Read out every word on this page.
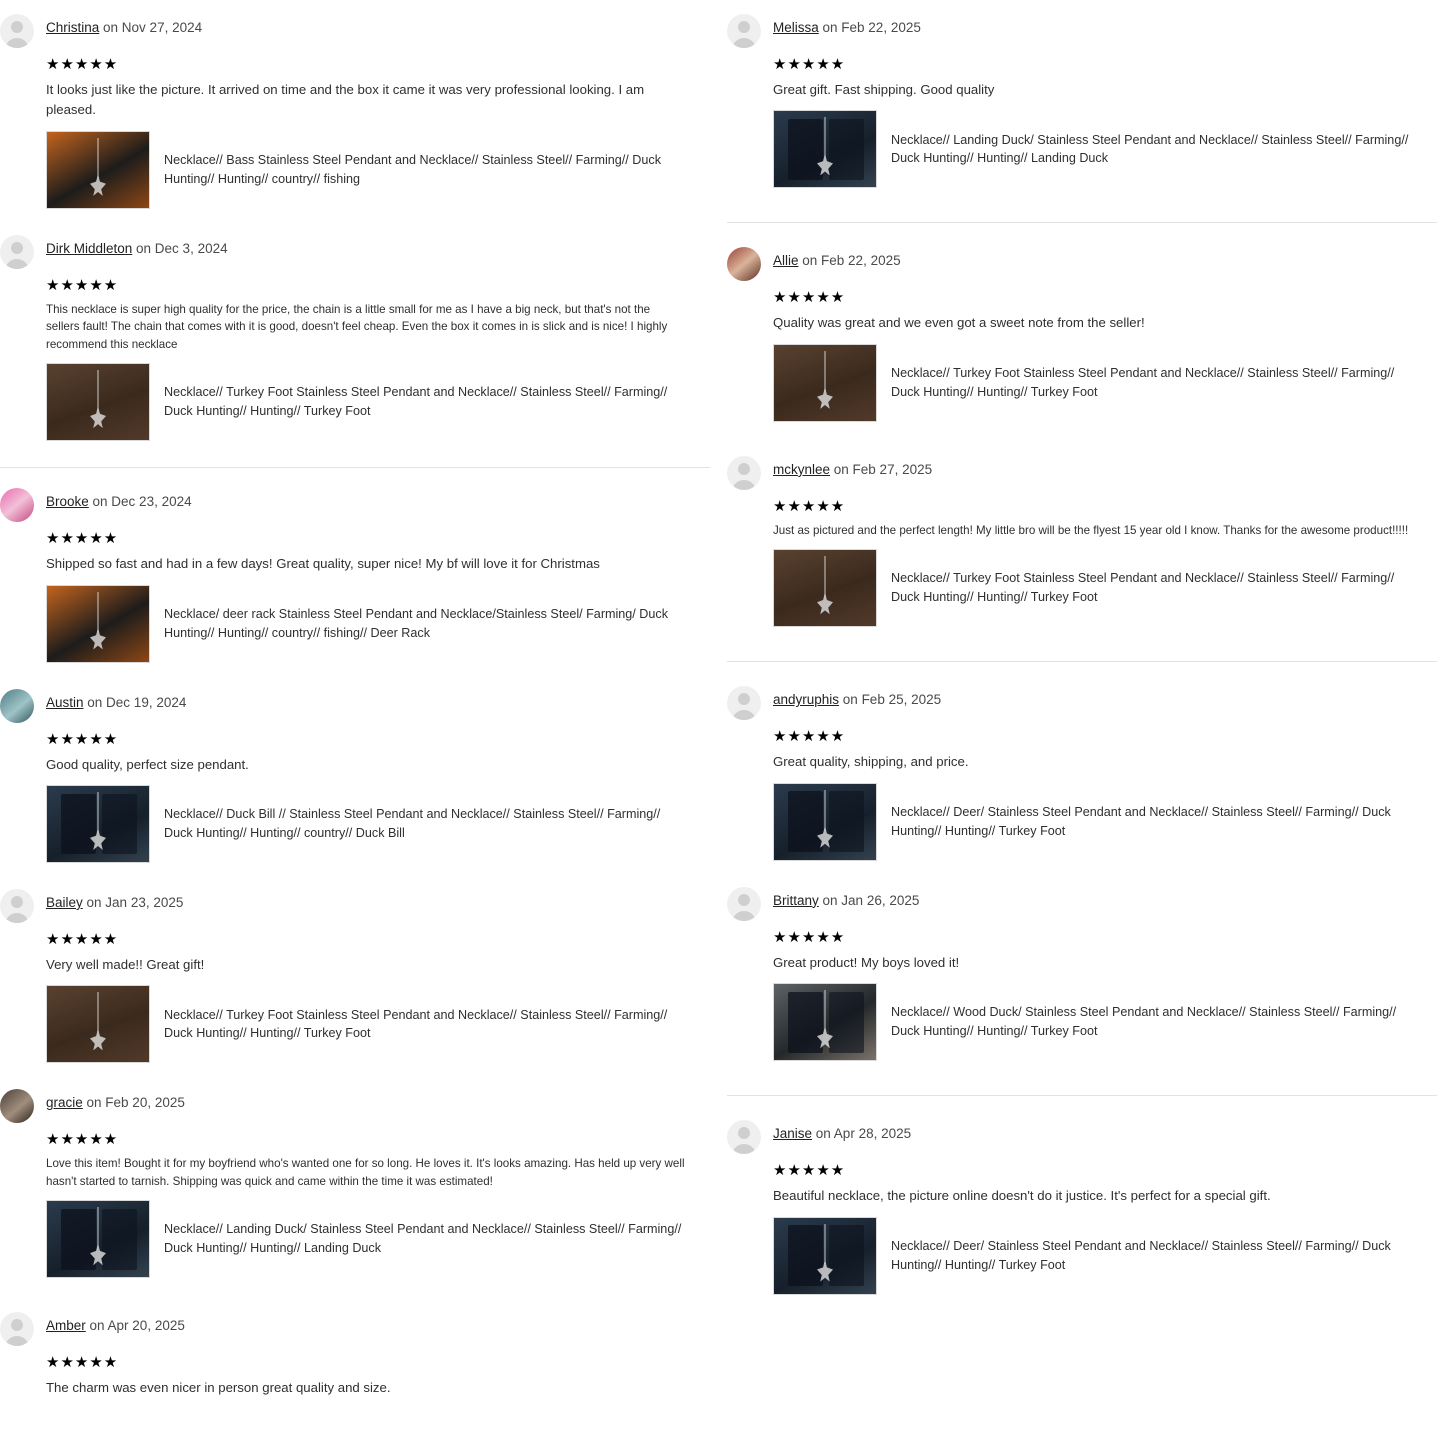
Christina on Nov 27, 2024
★★★★★

It looks just like the picture. It arrived on time and the box it came it was very professional looking. I am pleased.

Necklace// Bass Stainless Steel Pendant and Necklace// Stainless Steel// Farming// Duck Hunting// Hunting// country// fishing
Dirk Middleton on Dec 3, 2024
★★★★★

This necklace is super high quality for the price, the chain is a little small for me as I have a big neck, but that's not the sellers fault! The chain that comes with it is good, doesn't feel cheap. Even the box it comes in is slick and is nice! I highly recommend this necklace

Necklace// Turkey Foot Stainless Steel Pendant and Necklace// Stainless Steel// Farming// Duck Hunting// Hunting// Turkey Foot
Brooke on Dec 23, 2024
★★★★★

Shipped so fast and had in a few days! Great quality, super nice! My bf will love it for Christmas

Necklace/ deer rack Stainless Steel Pendant and Necklace/Stainless Steel/ Farming/ Duck Hunting// Hunting// country// fishing// Deer Rack
Austin on Dec 19, 2024
★★★★★

Good quality, perfect size pendant.

Necklace// Duck Bill // Stainless Steel Pendant and Necklace// Stainless Steel// Farming// Duck Hunting// Hunting// country// Duck Bill
Bailey on Jan 23, 2025
★★★★★

Very well made!! Great gift!

Necklace// Turkey Foot Stainless Steel Pendant and Necklace// Stainless Steel// Farming// Duck Hunting// Hunting// Turkey Foot
gracie on Feb 20, 2025
★★★★★

Love this item! Bought it for my boyfriend who's wanted one for so long. He loves it. It's looks amazing. Has held up very well hasn't started to tarnish. Shipping was quick and came within the time it was estimated!

Necklace// Landing Duck/ Stainless Steel Pendant and Necklace// Stainless Steel// Farming// Duck Hunting// Hunting// Landing Duck
Amber on Apr 20, 2025
★★★★★

The charm was even nicer in person great quality and size.

Melissa on Feb 22, 2025
★★★★★

Great gift. Fast shipping. Good quality

Necklace// Landing Duck/ Stainless Steel Pendant and Necklace// Stainless Steel// Farming// Duck Hunting// Hunting// Landing Duck
Allie on Feb 22, 2025
★★★★★

Quality was great and we even got a sweet note from the seller!

Necklace// Turkey Foot Stainless Steel Pendant and Necklace// Stainless Steel// Farming// Duck Hunting// Hunting// Turkey Foot
mckynlee on Feb 27, 2025
★★★★★

Just as pictured and the perfect length! My little bro will be the flyest 15 year old I know. Thanks for the awesome product!!!!!

Necklace// Turkey Foot Stainless Steel Pendant and Necklace// Stainless Steel// Farming// Duck Hunting// Hunting// Turkey Foot
andyruphis on Feb 25, 2025
★★★★★

Great quality, shipping, and price.

Necklace// Deer/ Stainless Steel Pendant and Necklace// Stainless Steel// Farming// Duck Hunting// Hunting// Turkey Foot
Brittany on Jan 26, 2025
★★★★★

Great product! My boys loved it!

Necklace// Wood Duck/ Stainless Steel Pendant and Necklace// Stainless Steel// Farming// Duck Hunting// Hunting// Turkey Foot
Janise on Apr 28, 2025
★★★★★

Beautiful necklace, the picture online doesn't do it justice. It's perfect for a special gift.

Necklace// Deer/ Stainless Steel Pendant and Necklace// Stainless Steel// Farming// Duck Hunting// Hunting// Turkey Foot
